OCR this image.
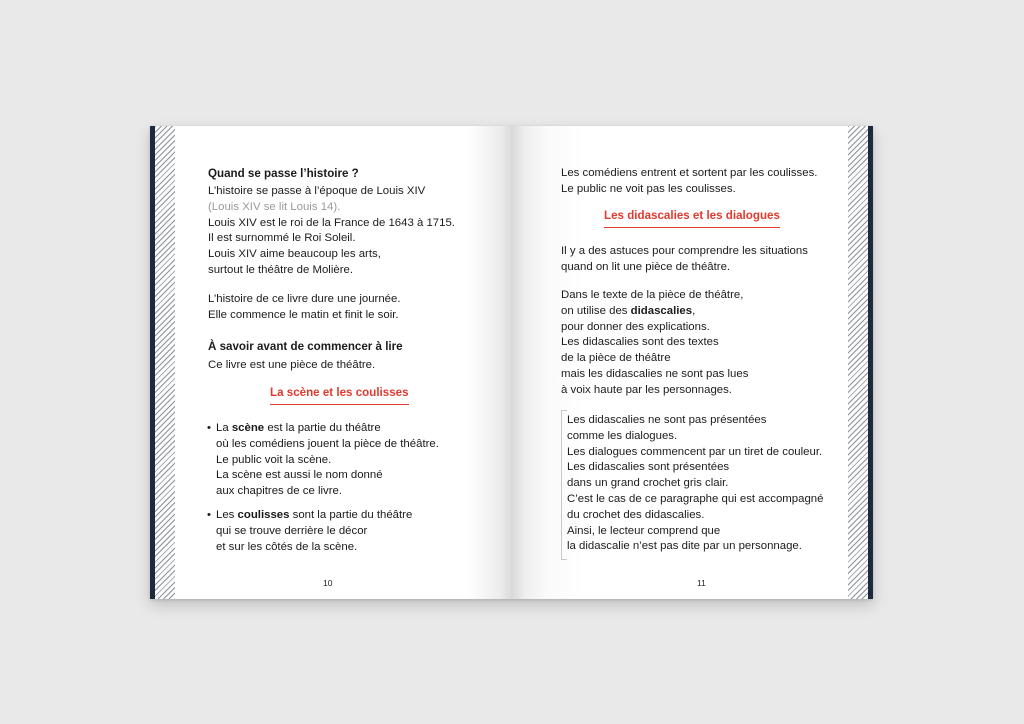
Quand se passe l’histoire ?

L’histoire se passe à l’époque de Louis XIV

(Louis XIV se lit Louis 14).

Louis XIV est le roi de la France de 1643 à 1715.

Il est surnommé le Roi Soleil.

Louis XIV aime beaucoup les arts,

surtout le théâtre de Molière.

L’histoire de ce livre dure une journée.

Elle commence le matin et finit le soir.

À savoir avant de commencer à lire
Ce livre est une pièce de théâtre.
La scène et les coulisses
• La scène est la partie du théâtre

où les comédiens jouent la pièce de théâtre.

Le public voit la scène.

La scène est aussi le nom donné

aux chapitres de ce livre.

• Les coulisses sont la partie du théâtre

qui se trouve derrière le décor

et sur les côtés de la scène.

10

Les comédiens entrent et sortent par les coulisses.

Le public ne voit pas les coulisses.

Les didascalies et les dialogues

Il y a des astuces pour comprendre les situations

quand on lit une pièce de théâtre.

Dans le texte de la pièce de théâtre,

on utilise des didascalies,

pour donner des explications.

Les didascalies sont des textes

de la pièce de théâtre

mais les didascalies ne sont pas lues

à voix haute par les personnages.

Les didascalies ne sont pas présentées

comme les dialogues.

Les dialogues commencent par un tiret de couleur.

Les didascalies sont présentées

dans un grand crochet gris clair.

C’est le cas de ce paragraphe qui est accompagné

du crochet des didascalies.

Ainsi, le lecteur comprend que

la didascalie n’est pas dite par un personnage.

11
